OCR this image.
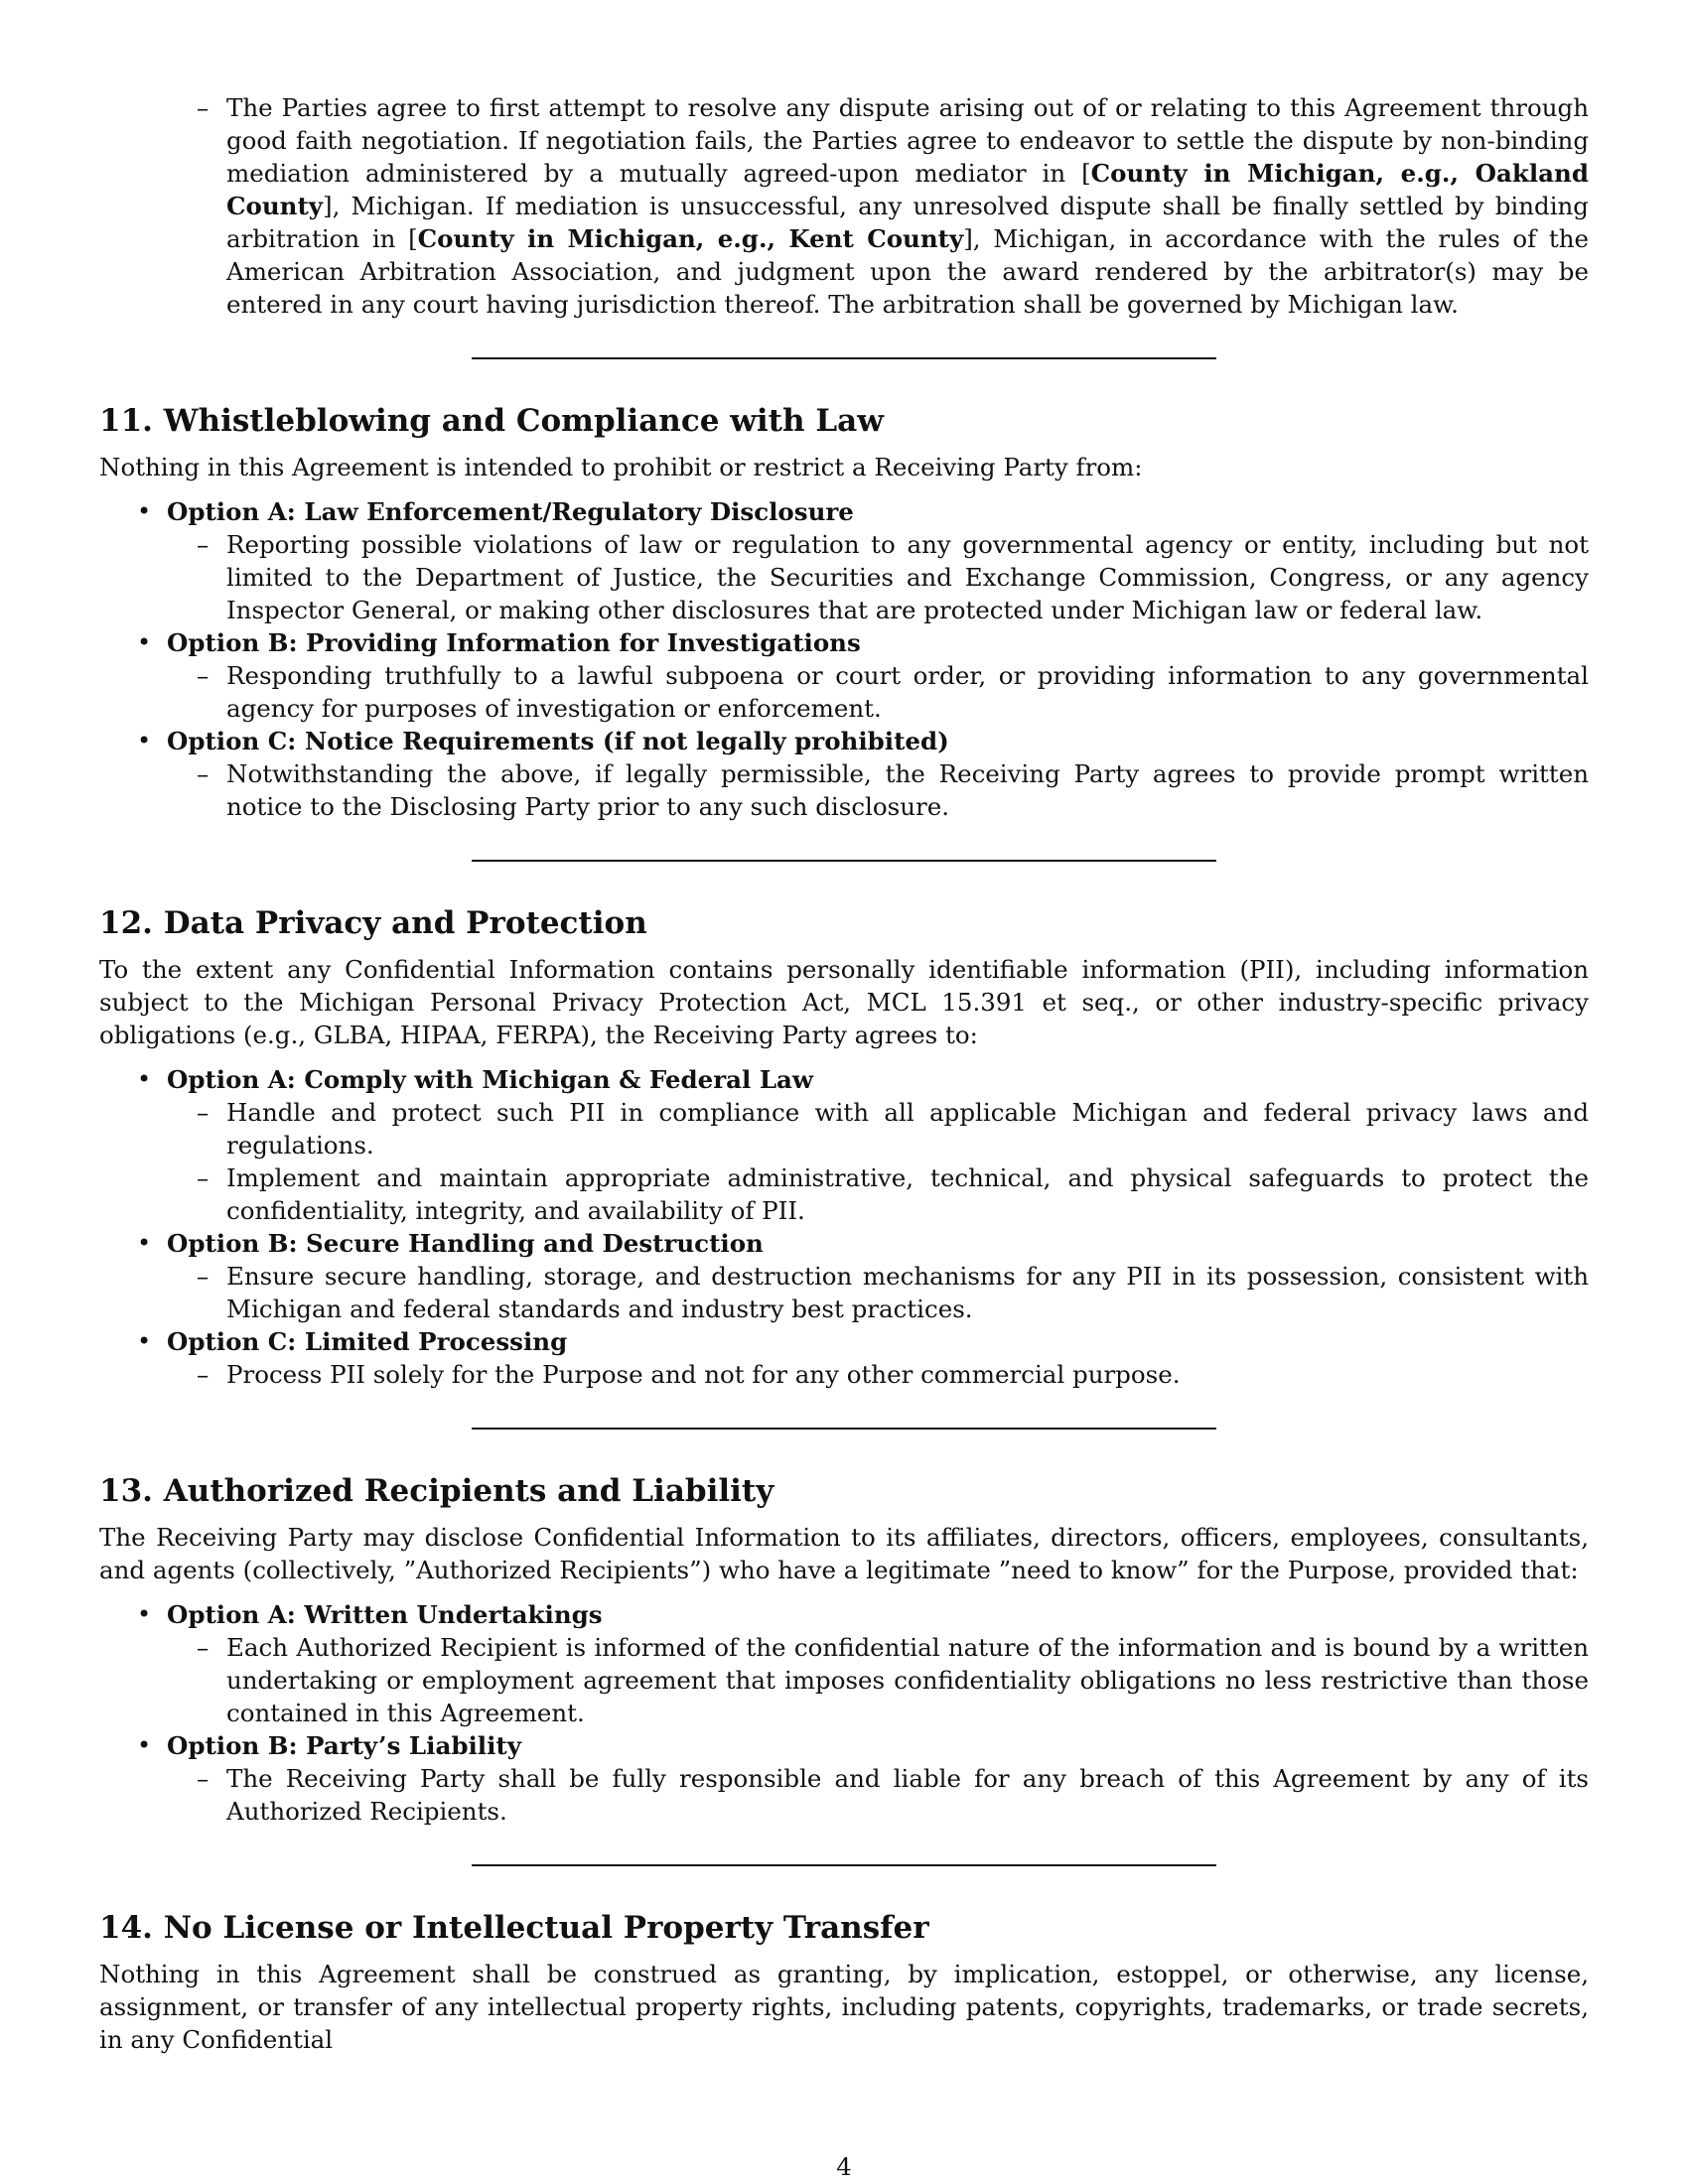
– The Parties agree to first attempt to resolve any dispute arising out of or relating to this Agreement through good faith negotiation. If negotiation fails, the Parties agree to endeavor to settle the dispute by non-binding mediation administered by a mutually agreed-upon mediator in [County in Michigan, e.g., Oakland County], Michigan. If mediation is unsuccessful, any unresolved dispute shall be finally settled by binding arbitration in [County in Michigan, e.g., Kent County], Michigan, in accordance with the rules of the American Arbitration Association, and judgment upon the award rendered by the arbitrator(s) may be entered in any court having jurisdiction thereof. The arbitration shall be governed by Michigan law.
11. Whistleblowing and Compliance with Law
Nothing in this Agreement is intended to prohibit or restrict a Receiving Party from:
• Option A: Law Enforcement/Regulatory Disclosure
– Reporting possible violations of law or regulation to any governmental agency or entity, including but not limited to the Department of Justice, the Securities and Exchange Commission, Congress, or any agency Inspector General, or making other disclosures that are protected under Michigan law or federal law.
• Option B: Providing Information for Investigations
– Responding truthfully to a lawful subpoena or court order, or providing information to any governmental agency for purposes of investigation or enforcement.
• Option C: Notice Requirements (if not legally prohibited)
– Notwithstanding the above, if legally permissible, the Receiving Party agrees to provide prompt written notice to the Disclosing Party prior to any such disclosure.
12. Data Privacy and Protection
To the extent any Confidential Information contains personally identifiable information (PII), including information subject to the Michigan Personal Privacy Protection Act, MCL 15.391 et seq., or other industry-specific privacy obligations (e.g., GLBA, HIPAA, FERPA), the Receiving Party agrees to:
• Option A: Comply with Michigan & Federal Law
– Handle and protect such PII in compliance with all applicable Michigan and federal privacy laws and regulations.
– Implement and maintain appropriate administrative, technical, and physical safeguards to protect the confidentiality, integrity, and availability of PII.
• Option B: Secure Handling and Destruction
– Ensure secure handling, storage, and destruction mechanisms for any PII in its possession, consistent with Michigan and federal standards and industry best practices.
• Option C: Limited Processing
– Process PII solely for the Purpose and not for any other commercial purpose.
13. Authorized Recipients and Liability
The Receiving Party may disclose Confidential Information to its affiliates, directors, officers, employees, consultants, and agents (collectively, ”Authorized Recipients”) who have a legitimate ”need to know” for the Purpose, provided that:
• Option A: Written Undertakings
– Each Authorized Recipient is informed of the confidential nature of the information and is bound by a written undertaking or employment agreement that imposes confidentiality obligations no less restrictive than those contained in this Agreement.
• Option B: Party’s Liability
– The Receiving Party shall be fully responsible and liable for any breach of this Agreement by any of its Authorized Recipients.
14. No License or Intellectual Property Transfer
Nothing in this Agreement shall be construed as granting, by implication, estoppel, or otherwise, any license, assignment, or transfer of any intellectual property rights, including patents, copyrights, trademarks, or trade secrets, in any Confidential
4
